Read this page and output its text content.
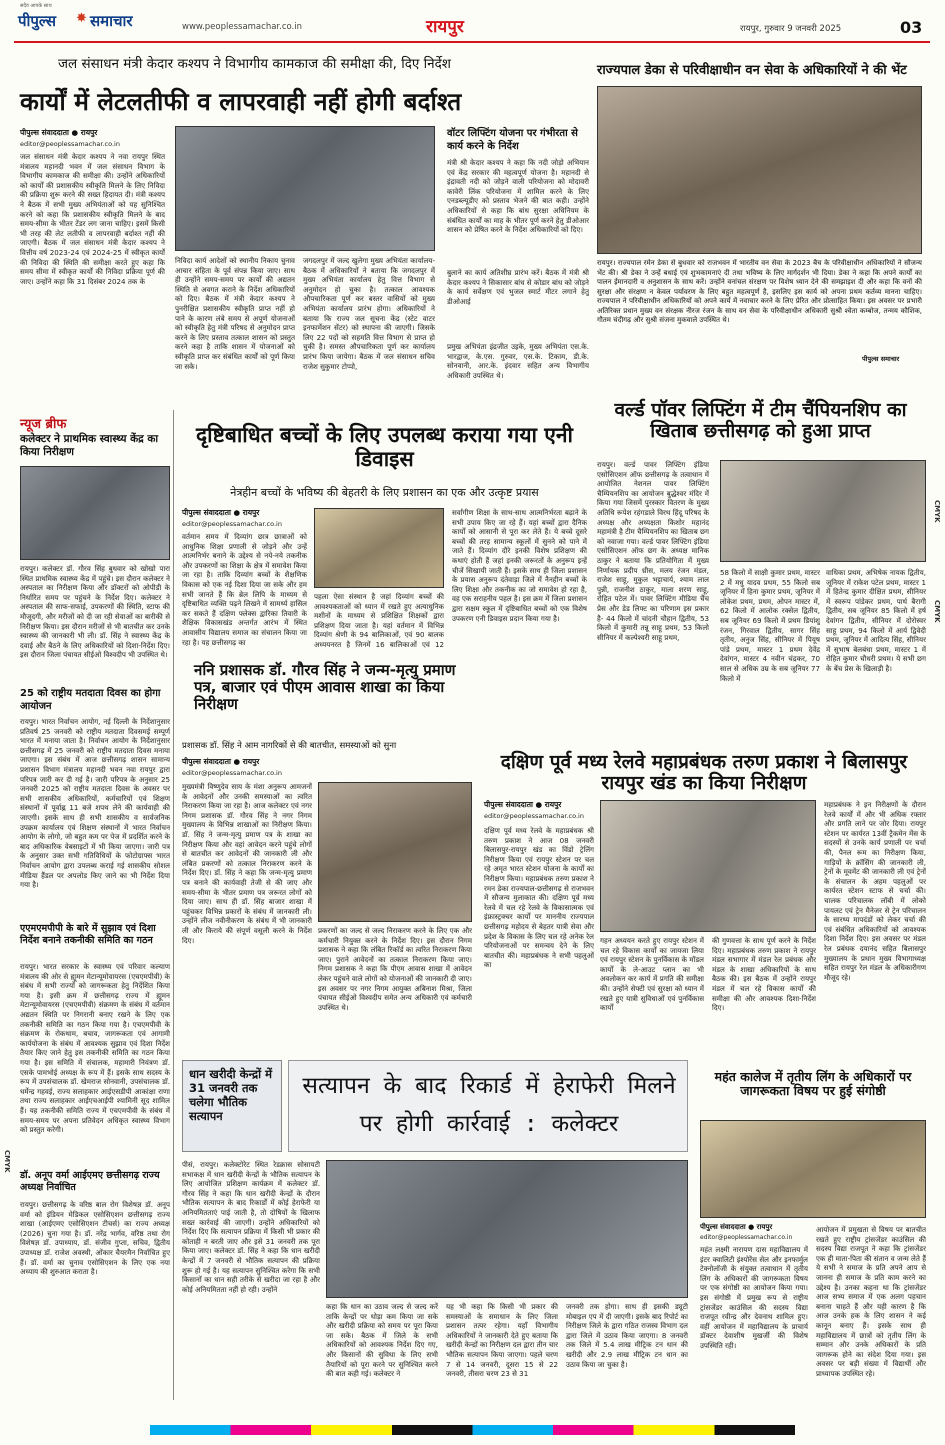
सदैव आपके साथ
पीपुल्स ✸ समाचार	www.peoplessamachar.co.in	रायपुर	रायपुर, गुरुवार 9 जनवरी 2025	03
जल संसाधन मंत्री केदार कश्यप ने विभागीय कामकाज की समीक्षा की, दिए निर्देश
कार्यों में लेटलतीफी व लापरवाही नहीं होगी बर्दाश्त
पीपुल्स संवाददाता ● रायपुर
editor@peoplessamachar.co.in
जल संसाधन मंत्री केदार कश्यप ने नवा रायपुर स्थित मंत्रालय महानदी भवन में जल संसाधन विभाग के विभागीय कामकाज की समीक्षा की। उन्होंने अधिकारियों को कार्यों की प्रशासकीय स्वीकृति मिलने के लिए निविदा की प्रक्रिया शुरू करने की सख्त हिदायत दी। मंत्री कश्यप ने बैठक में सभी मुख्य अभियंताओं को यह सुनिश्चित करने को कहा कि प्रशासकीय स्वीकृति मिलने के बाद समय-सीमा के भीतर टेंडर लग जाना चाहिए। इसमें किसी भी तरह की लेट लतीफी व लापरवाही बर्दाश्त नहीं की जाएगी। बैठक में जल संसाधन मंत्री केदार कश्यप ने वित्तीय वर्ष 2023-24 एवं 2024-25 में स्वीकृत कार्यों की निविदा की स्थिति की समीक्षा करते हुए कहा कि समय सीमा में स्वीकृत कार्यों की निविदा प्रक्रिया पूर्ण की जाए। उन्होंने कहा कि 31 दिसंबर 2024 तक के
निविदा कार्य आदेशों को स्थानीय निकाय चुनाव आचार संहिता के पूर्व संपन्न किया जाए। साथ ही उन्होंने समय-समय पर कार्यों की अद्यतन स्थिति से अवगत कराने के निर्देश अधिकारियों को दिए। बैठक में मंत्री केदार कश्यप ने पुनरीक्षित प्रशासकीय स्वीकृति प्राप्त नहीं हो पाने के कारण लंबे समय से अपूर्ण योजनाओं को स्वीकृति हेतु मंत्री परिषद से अनुमोदन प्राप्त करने के लिए प्रस्ताव तत्काल शासन को प्रस्तुत करने कहा है ताकि शासन में योजनाओं को स्वीकृति प्राप्त कर संबंधित कार्यों को पूर्ण किया जा सके।
जगदलपुर में जल्द खुलेगा मुख्य अभियंता कार्यालय- बैठक में अधिकारियों ने बताया कि जगदलपुर में मुख्य अभियंता कार्यालय हेतु वित्त विभाग से अनुमोदन हो चुका है। तत्काल आवश्यक औपचारिकता पूर्ण कर बस्तर वासियों को मुख्य अभियंता कार्यालय प्रारंभ होगा। अधिकारियों ने बताया कि राज्य जल सूचना केंद्र (स्टेट वाटर इनफार्मेशन सेंटर) को स्थापना की जाएगी। जिसके लिए 22 पदों को सहमति वित्त विभाग से प्राप्त हो चुकी है। समस्त औपचारिकता पूर्ण कर कार्यालय प्रारंभ किया जायेगा। बैठक में जल संसाधन सचिव राजेश सुकुमार टोप्पो,
वॉटर लिफ्टिंग योजना पर गंभीरता से कार्य करने के निर्देश
मंत्री श्री केदार कश्यप ने कहा कि नदी जोड़ो अभियान एवं केंद्र सरकार की महत्वपूर्ण योजना है। महानदी से इंद्रावती नदी को जोड़ने वाली परियोजना को मोदावरी कावेरी लिंक परियोजना में शामिल करने के लिए एनडब्ल्यूडीए को प्रस्ताव भेजने की बात कही। उन्होंने अधिकारियों से कहा कि बांध सुरक्षा अधिनियम के संबंधित कार्यों का माह के भीतर पूर्ण करने हेतु डीओआर शासन को प्रेषित करने के निर्देश अधिकारियों को दिए।
बुलाने का कार्य अतिशीघ्र प्रारंभ करें। बैठक में मंत्री श्री केदार कश्यप ने सिकासार बांध से कोडार बांध को जोड़ने के कार्य सर्वेक्षण एवं भुजल स्मार्ट मीटर लगाने हेतु डीओआई
प्रमुख अभियंता इंद्रजीत उइके, मुख्य अभियंता एस.के. भारद्वाज, के.एस. गुरुवर, एस.के. टिकाम, डी.के. सोनवानी, आर.के. इंदवार सहित अन्य विभागीय अधिकारी उपस्थित थे।
राज्यपाल डेका से परिवीक्षाधीन वन सेवा के अधिकारियों ने की भेंट
रायपुर। राज्यपाल रमेन डेका से बुधवार को राजभवन में भारतीय वन सेवा के 2023 बैच के परिवीक्षाधीन अधिकारियों ने सौजन्य भेंट की। श्री डेका ने उन्हें बधाई एवं शुभकामनाएं दी तथा भविष्य के लिए मार्गदर्शन भी दिया। डेका ने कहा कि अपने कार्यों का पालन ईमानदारी व अनुशासन के साथ करें। उन्होंने वनांचल संरक्षण पर विशेष ध्यान देने की समझाइश दी और कहा कि वनों की सुरक्षा और संरक्षण न केवल पर्यावरण के लिए बहुत महत्वपूर्ण है, इसलिए इस कार्य को अपना प्रथम कर्तव्य मानना चाहिए। राज्यपाल ने परिवीक्षाधीन अधिकारियों को अपने कार्य में नवाचार करने के लिए प्रेरित और प्रोत्साहित किया। इस अवसर पर प्रभारी अतिरिक्त प्रधान मुख्य वन संरक्षक नीरज रंजन के साथ वन सेवा के परिवीक्षाधीन अधिकारी सुश्री श्वेता कम्बोज, तन्मय कौशिक, गौतम चंदीगढ़ और सुश्री संजना मुकवाले उपस्थित थे।
पीपुल्स समाचार
वर्ल्ड पॉवर लिफ्टिंग में टीम चैंपियनशिप का खिताब छत्तीसगढ़ को हुआ प्राप्त
रायपुर। वर्ल्ड पावर लिफ्टिंग इंडिया एसोसिएशन ऑफ छत्तीसगढ़ के तत्वाधान में आयोजित नेशनल पावर लिफ्टिंग चैम्पियनशिप का आयोजन बुद्धेश्वर मंदिर में किया गया जिसमें पुरस्कार वितरण के मुख्य अतिथि रूपेश रहंगडाले विरथ हिंदू परिषद के अध्यक्ष और अध्यक्षता किशोर महानंद महामंत्री है टीम चैम्पियनशिप का खिताब छग को नवाजा गया। वर्ल्ड पावर लिफ्टिंग इंडिया एसोसिएशन ऑफ छग के अध्यक्ष मानिक ठाकुर ने बताया कि प्रतियोगिता में मुख्य निर्णायक प्रदीप थ्रीस, मलय रंजन मंडल, राजेश साहू, मुकुल भट्टाचार्य, श्याम लाल पुन्नी, राजनीश ठाकुर, माला शरण साहू, रोहित पटेल में। पावर लिफ्टिंग मीडिया चैंच प्रेस और डेड लिफ्ट का परिणाम इस प्रकार है- 44 किलो में चांदनी चौहान द्वितीय, 53 किलो में कुमारी तन्नू साहू प्रथम, 53 किलो सीनियर में कल्पेश्वरी साहू प्रथम,
58 किलो में साक्षी कुमार प्रथम, मास्टर 2 में मधु यादव प्रथम, 55 किलो सब जूनियर में हिना कुमार प्रथम, जूनियर में लोकेश प्रथम, प्रथम, ओपन मास्टर में, 62 किलो में आलोक रक्सेल द्वितीय, सब जूनियर 69 किलो में प्रथम डियांशु रंजन, गिरवाल द्वितीय, सागर सिंह तृतीय, अनुज सिंह, सीनियर में पियूष पांडे प्रथम, मास्टर 1 प्रथम देवेंद्र देवांगन, मास्टर 4 नवीन चंद्रकर, 70 साल से अधिक उम्र के सब जूनियर 77 किलो में
वाधिका प्रथम, अभिषेक नायक द्वितीय, जूनियर में राकेश पटेल प्रथम, मास्टर 1 में हितेन्द्र कुमार दीक्षित प्रथम, सीनियर में स्वरूप पांडेकर प्रथम, पार्थ बैरागी द्वितीय, सब जूनियर 85 किलो में हर्ष देवांगन द्वितीय, सीनियर में दोरोस्वर साहू प्रथम, 94 किलो में आर्य द्विवेदी प्रथम, जूनियर में आदित्य सिंह, सीनियर में सुभाष बेलबंधा प्रथम, मास्टर 1 में रोहित कुमार चौधरी प्रथम। ये सभी छग के बेंच प्रेस के खिलाड़ी है।
न्यूज ब्रीफ
कलेक्टर ने प्राथमिक स्वास्थ्य केंद्र का किया निरीक्षण
रायपुर। कलेक्टर डॉ. गौरव सिंह बुधवार को खोखो पारा स्थित प्राथमिक स्वास्थ्य केंद्र में पहुंचे। इस दौरान कलेक्टर ने अस्पताल का निरीक्षण किया और डॉक्टरों को ओपीडी के निर्धारित समय पर पहुंचने के निर्देश दिए। कलेक्टर ने अस्पताल की साफ-सफाई, उपकरणों की स्थिति, स्टाफ की मौजूदगी, और मरीजों को दी जा रही सेवाओं का बारीकी से निरीक्षण किया। इस दौरान मरीजों से भी बातचीत कर उनके स्वास्थ्य की जानकारी भी ली। डॉ. सिंह ने स्वास्थ्य केंद्र के दवाई और बैठने के लिए अधिकारियों को दिशा-निर्देश दिए। इस दौरान जिला पंचायत सीईओ विश्वदीप भी उपस्थित थे।
25 को राष्ट्रीय मतदाता दिवस का होगा आयोजन
रायपुर। भारत निर्वाचन आयोग, नई दिल्ली के निर्देशानुसार प्रतिवर्ष 25 जनवरी को राष्ट्रीय मतदाता दिवसमई सम्पूर्ण भारत में मनाया जाता है। निर्वाचन आयोग के निर्देशानुसार छत्तीसगढ़ में 25 जनवरी को राष्ट्रीय मतदाता दिवस मनाया जाएगा। इस संबंध में आज छत्तीसगढ़ शासन सामान्य प्रशासन विभाग मंत्रालय महानदी भवन नवा रायपुर द्वारा परिपत्र जारी कर दी गई है। जारी परिपत्र के अनुसार 25 जनवरी 2025 को राष्ट्रीय मतदाता दिवस के अवसर पर सभी शासकीय अधिकारियों, कर्मचारियों एवं शिक्षण संस्थानों में पूर्वाह्न 11 बजे शपथ लेने की कार्यवाही की जाएगी। इसके साथ ही सभी शासकीय व सार्वजनिक उपक्रम कार्यालय एवं शिक्षण संस्थानों में भारत निर्वाचन आयोग के लोगो, जो बहुत कम पर पेज में प्रदर्शित करने के बाद अधिकारिक वेबसाइटों में भी किया जाएगा। जारी पत्र के अनुसार उक्त सभी गतिविधियों के फोटोग्राफ्स भारत निर्वाचन आयोग द्वारा उपलब्ध कराई गई शासकीय सोशल मीडिया हैंडल पर अपलोड किए जाने का भी निर्देश दिया गया है।
एएमएमपीपी के बारे में सुझाव एवं दिशा निर्देश बनाने तकनीकी समिति का गठन
रायपुर। भारत सरकार के स्वास्थ्य एवं परिवार कल्याण मंत्रालय की ओर से ह्यूमन मेटान्यूमोवायरस (एचएमपीवी) के संबंध में सभी राज्यों को जागरूकता हेतु निर्देशित किया गया है। इसी क्रम में छत्तीसगढ़ राज्य में ह्यूमन मेटान्यूमोवायरस (एचएमपीवी) संक्रमण के संबंध में वर्तमान अद्यतन स्थिति पर निगरानी बनाए रखने के लिए एक तकनीकी समिति का गठन किया गया है। एचएमपीवी के संक्रमण के रोकथाम, बचाव, जागरूकता एवं आगामी कार्ययोजना के संबंध में आवश्यक सुझाव एवं दिशा निर्देश तैयार किए जाने हेतु इस तकनीकी समिति का गठन किया गया है। इस समिति में संचालक, महामारी नियंत्रण डॉ. एसके पामभोई अध्यक्ष के रूप में हैं। इसके साथ सदस्य के रूप में उपसंचालक डॉ. खेमराज सोनवानी, उपसंचालक डॉ. धर्मेन्द्र गहवई, राज्य सलाहकार आईएसडीपी आकांक्षा राणा तथा राज्य सलाहकार आईएचआईपी श्यामिनी सूद शामिल हैं। यह तकनीकी समिति राज्य में एचएमपीवी के संबंध में समय-समय पर अपना प्रतिवेदन अधिकृत स्वास्थ्य विभाग को प्रस्तुत करेगी।
डॉ. अनूप वर्मा आईएमए छत्तीसगढ़ राज्य अध्यक्ष निर्वाचित
रायपुर। छत्तीसगढ़ के वरिष्ठ बाल रोग विशेषज्ञ डॉ. अनूप वर्मा को इंडियन मेडिकल एसोसिएशन छत्तीसगढ़ राज्य शाखा (आईएमए एसोसिएशन टीचर्स) का राज्य अध्यक्ष (2026) चुना गया है। डॉ. नरेंद्र भार्गव, वरिष्ठ तथा रोग विशेषज्ञ डॉ. उपाध्याय, डॉ. संजीव गुप्ता, सचिव, द्वितीय उपाध्यक्ष डॉ. राजेश अवस्थी, ओंकार चैयरमैन निर्वाचित हुए हैं। डॉ. वर्मा का चुनाव एसोसिएशन के लिए एक नया अध्याय की शुरुआत कराता है।
दृष्टिबाधित बच्चों के लिए उपलब्ध कराया गया एनी डिवाइस
नेत्रहीन बच्चों के भविष्य की बेहतरी के लिए प्रशासन का एक और उत्कृष्ट प्रयास
पीपुल्स संवाददाता ● रायपुर
editor@peoplessamachar.co.in
वर्तमान समय में दिव्यांग छात्र छात्राओं को आधुनिक शिक्षा प्रणाली से जोड़ने और उन्हें आत्मनिर्भर बनाने के उद्देश्य से नये-नये तकनीक और उपकरणों का शिक्षा के क्षेत्र में समावेश किया जा रहा है। ताकि दिव्यांग बच्चों के शैक्षणिक विकास को एक नई दिशा दिया जा सके और हम सभी जानते हैं कि ब्रेल लिपि के माध्यम से दृष्टिबाधित व्यक्ति पढ़ने लिखने में सामर्थ्य हासिल कर सकते हैं दक्षिण फ्लेक्स द्वारिका तिवारी के शैक्षिक विकासखंड अन्तर्गत आरंभ में स्थित आवासीय विद्यालय समाज का संचालन किया जा रहा है। यह छत्तीसगढ़ का
पहला ऐसा संस्थान है जहां दिव्यांग बच्चों की आवश्यकताओं को ध्यान में रखते हुए अत्याधुनिक मशीनों के माध्यम से प्रशिक्षित शिक्षकों द्वारा प्रशिक्षण दिया जाता है। यहां वर्तमान में विभिन्न दिव्यांग श्रेणी के 94 बालिकाओं, एवं 90 बालक अध्ययनरत है जिनमें 16 बालिकाओं एवं 12
सर्वांगीण शिक्षा के साथ-साथ आत्मनिर्भरता बढ़ाने के सभी उपाय किए जा रहे हैं। यहां बच्चों द्वारा दैनिक कार्यों को आसानी से पूरा कर लेते हैं। ये बच्चे दूसरे बच्चों की तरह सामान्य स्कूलों में सुनने को पाने में जाते हैं। दिव्यांग दौरे इनकी विशेष प्रशिक्षण की कथाएं होती हैं जहां इनकी जरूरतों के अनुरूप इन्हें चीजें सिखायी जाती हैं। इसके साथ ही जिला प्रशासन के प्रयास अनुरूप दंतेवाड़ा जिले में नैनहीन बच्चों के लिए शिक्षा और तकनीक का जो समावेश हो रहा है, वह एक सराहनीय पहल है। इस क्रम में जिला प्रशासन द्वारा सक्षम स्कूल में दृष्टिबाधित बच्चों को एक विशेष उपकरण एनी डिवाइस प्रदान किया गया है।
ननि प्रशासक डॉ. गौरव सिंह ने जन्म-मृत्यु प्रमाण पत्र, बाजार एवं पीएम आवास शाखा का किया निरीक्षण
प्रशासक डॉ. सिंह ने आम नागरिकों से की बातचीत, समस्याओं को सुना
पीपुल्स संवाददाता ● रायपुर
editor@peoplessamachar.co.in
मुख्यमंत्री विष्णुदेव साय के मंशा अनुरूप आमजनों के आवेदनों और उनकी समस्याओं का त्वरित निराकरण किया जा रहा है। आज कलेक्टर एवं नगर निगम प्रशासक डॉ. गौरव सिंह ने नगर निगम मुख्यालय के विभिन्न शाखाओं का निरीक्षण किया। डॉ. सिंह ने जन्म-मृत्यु प्रमाण पत्र के शाखा का निरीक्षण किया और वहां आवेदन करने पहुंचे लोगों से बातचीत कर आवेदनों की जानकारी ली और लंबित प्रकरणों को तत्काल निराकरण करने के निर्देश दिए। डॉ. सिंह ने कहा कि जन्म-मृत्यु प्रमाण पत्र बनाने की कार्यवाही तेजी से की जाए और समय-सीमा के भीतर प्रमाण पत्र जरूरत लोगों को दिया जाए। साथ ही डॉ. सिंह बाजार शाखा में पहुंचकर विभिन्न प्रकारों के संबंध में जानकारी ली। उन्होंने लीज नवीनीकरण के संबंध में भी जानकारी ली और किराये की संपूर्ण वसूली करने के निर्देश दिए।
प्रकरणों का जल्द से जल्द निराकरण करने के लिए एक और कर्मचारी नियुक्त करने के निर्देश दिए। इस दौरान निगम प्रशासक ने कहा कि लंबित रिकॉर्ड का त्वरित निराकरण किया जाए। पुराने आवेदनों का तत्काल निराकरण किया जाए। निगम प्रशासक ने कहा कि पीएम आवास शाखा में आवेदन लेकर पहुंचने वाले लोगों को योजनाओं की जानकारी दी जाए। इस अवसर पर नगर निगम आयुक्त अबिनाश मिश्रा, जिला पंचायत सीईओ विश्वदीप समेत अन्य अधिकारी एवं कर्मचारी उपस्थित थे।
दक्षिण पूर्व मध्य रेलवे महाप्रबंधक तरुण प्रकाश ने बिलासपुर रायपुर खंड का किया निरीक्षण
पीपुल्स संवाददाता ● रायपुर
editor@peoplessamachar.co.in
दक्षिण पूर्व मध्य रेलवे के महाप्रबंधक श्री तरुण प्रकाश ने आज 08 जनवरी बिलासपुर-रायपुर खंड का विंडो ट्रेलिंग निरीक्षण किया एवं रायपुर स्टेशन पर चल रहे अमृत भारत स्टेशन योजना के कार्यों का निरीक्षण किया। महाप्रबंधक तरुण प्रकाश ने रमन डेका राज्यपाल-छत्तीसगढ़ से राजभवन में सौजन्य मुलाकात की। दक्षिण पूर्व मध्य रेलवे में चल रहे रेलवे के विकासात्मक एवं इंफ्रास्ट्रक्चर कार्यों पर माननीय राज्यपाल छत्तीसगढ़ महोदय से बेहतर यात्री सेवा और प्रदेश के विकास के लिए चल रहे अनेक रेल परियोजनाओं पर समन्वय देने के लिए बातचीत की। महाप्रबंधक ने सभी पहलुओं का
गहन अध्ययन करते हुए रायपुर स्टेशन में चल रहे विकास कार्यों का जायजा लिया एवं रायपुर स्टेशन के पुनर्विकास के मॉडल कार्यों के ले-आउट प्लान का भी अवलोकन कर कार्य में प्रगति की समीक्षा की। उन्होंने सेफ्टी एवं सुरक्षा को ध्यान में रखते हुए यात्री सुविधाओं एवं पुनर्विकास कार्यों
की गुणवत्ता के साथ पूर्ण करने के निर्देश दिए। महाप्रबंधक तरुण प्रकाश ने रायपुर मंडल सभागार में मंडल रेल प्रबंधक और मंडल के शाखा अधिकारियों के साथ बैठक की। इस बैठक में उन्होंने रायपुर मंडल में चल रहे विकास कार्यों की समीक्षा की और आवश्यक दिशा-निर्देश दिए।
महाप्रबंधक ने इन निरीक्षणों के दौरान रेलवे कार्यों में और भी अधिक रफ्तार और प्रगति लाने पर जोर दिया। रायपुर स्टेशन पर कार्यरत 13वीं ट्रैकमेन मेंस के सदस्यों से उनके कार्य प्रणाली पर चर्चा की, पैनल रूम का निरीक्षण किया, गाड़ियों के क्रॉसिंग की जानकारी ली, ट्रेनों के मूवमेंट की जानकारी ली एवं ट्रेनों के संचालन के अहम पहलुओं पर कार्यरत स्टेशन स्टाफ से चर्चा की। चालक परिचालक लॉबी में लोको पायलट एवं ट्रेन मैनेजर से ट्रेन परिचालन के सारथ्य मापदंडों को लेकर चर्चा की एवं संबंधित अधिकारियों को आवश्यक दिशा निर्देश दिए। इस अवसर पर मंडल रेल प्रबंधक दयानंद सहित बिलासपुर मुख्यालय के प्रधान मुख्य विभागाध्यक्ष सहित रायपुर रेल मंडल के अधिकारीगण मौजूद रहे।
धान खरीदी केन्द्रों में 31 जनवरी तक चलेगा भौतिक सत्यापन
सत्यापन के बाद रिकार्ड में हेराफेरी मिलने पर होगी कार्रवाई : कलेक्टर
पीसं, रायपुर। कलेक्टोरेट स्थित रेडक्रास सोसायटी सभाकक्ष में धान खरीदी केन्द्रों के भौतिक सत्यापन के लिए आयोजित प्रशिक्षण कार्यक्रम में कलेक्टर डॉ. गौरव सिंह ने कहा कि धान खरीदी केन्द्रों के दौरान भौतिक सत्यापन के बाद रिकार्डों में कोई हेराफेरी या अनियमितताएं पाई जाती है, तो दोषियों के खिलाफ सख्त कार्रवाई की जाएगी। उन्होंने अधिकारियों को निर्देश दिए कि सत्यापन प्रक्रिया में किसी भी प्रकार की कोताही न बरती जाए और इसे 31 जनवरी तक पूरा किया जाए। कलेक्टर डॉ. सिंह ने कहा कि धान खरीदी केन्द्रों में 7 जनवरी से भौतिक सत्यापन की प्रक्रिया शुरू हो गई है। यह सत्यापन सुनिश्चित करेगा कि सभी किसानों का धान सही तरीके से खरीदा जा रहा है और कोई अनियमितता नहीं हो रही। उन्होंने
कहा कि धान का उठाव जल्द से जल्द करें ताकि केन्द्रों पर धोड़ा कम किया जा सके और खरीदी प्रक्रिया को समय पर पूरा किया जा सके। बैठक में जिले के सभी अधिकारियों को आवश्यक निर्देश दिए गए, और किसानों की सुविधा के लिए सभी तैयारियों को पूरा करने पर सुनिश्चित करने की बात कही गई। कलेक्टर ने
यह भी कहा कि किसी भी प्रकार की समस्याओं के समाधान के लिए जिला प्रशासन तत्पर रहेगा। यहाँ विभागीय अधिकारियों ने जानकारी देते हुए बताया कि खरीदी केन्द्रों का निरीक्षण दल द्वारा तीन चार भौतिक सत्यापन किया जाएगा। पहले चरण 7 से 14 जनवरी, दूसरा 15 से 22 जनवरी, तीसरा चरण 23 से 31
जनवरी तक होगा। साथ ही इसकी ड्यूटी मोबाइल एप में दी जाएगी। इसके बाद रिपोर्ट का निरीक्षण जिले के द्वारा गठित राजस्व विभाग दल द्वारा जिले में उठाव किया जाएगा। 8 जनवरी तक जिले में 5.4 लाख मीट्रिक टन धान की खरीदी और 2.9 लाख मीट्रिक टन धान का उठाव किया जा चुका है।
महंत कालेज में तृतीय लिंग के अधिकारों पर जागरूकता विषय पर हुई संगोष्ठी
पीपुल्स संवाददाता ● रायपुर
editor@peoplessamachar.co.in
महंत लक्ष्मी नारायण दास महाविद्यालय में इंटर क्वालिटी इंश्योरेंस सेल और इनफार्मुल टेक्नोलॉजी के संयुक्त तत्वाधान में तृतीय लिंग के अधिकारों की जागरूकता विषय पर एक संगोष्ठी का आयोजन किया गया। इस संगोष्ठी में प्रमुख रूप से राष्ट्रीय ट्रांसजेंडर काउंसिल की सदस्य विद्या राजपूत रवीन्द्र और देवनाथ शामिल हुए। वहीं आयोजन में महाविद्यालय के प्राचार्य डॉक्टर देवाशीष मुखर्जी की विशेष उपस्थिति रही।
आयोजन में प्रमुखता से विषय पर बातचीत रखते हुए राष्ट्रीय ट्रांसजेंडर काउंसिल की सदस्य विद्या राजपूत ने कहा कि ट्रांसजेंडर एक ही माता-पिता की संतान व जन्म लेते हैं ये सभी ने समाज के प्रति अपने आप से जानना ही समाज के प्रति काम करने का उद्देश्य है। उनका कहना था कि ट्रांसजेंडर आज सभ्य समाज में एक अलग पहचान बनाना चाहते हैं और यही कारण है कि आज उनके हक के लिए शासन ने कई कानून बनाए हैं। इसके साथ ही महाविद्यालय में छात्रों को तृतीय लिंग के सम्मान और उनके अधिकारों के प्रति जागरूक होने का संदेश दिया गया। इस अवसर पर बड़ी संख्या में विद्यार्थी और प्राध्यापक उपस्थित रहे।
CMYK
CMYK
CMYK
